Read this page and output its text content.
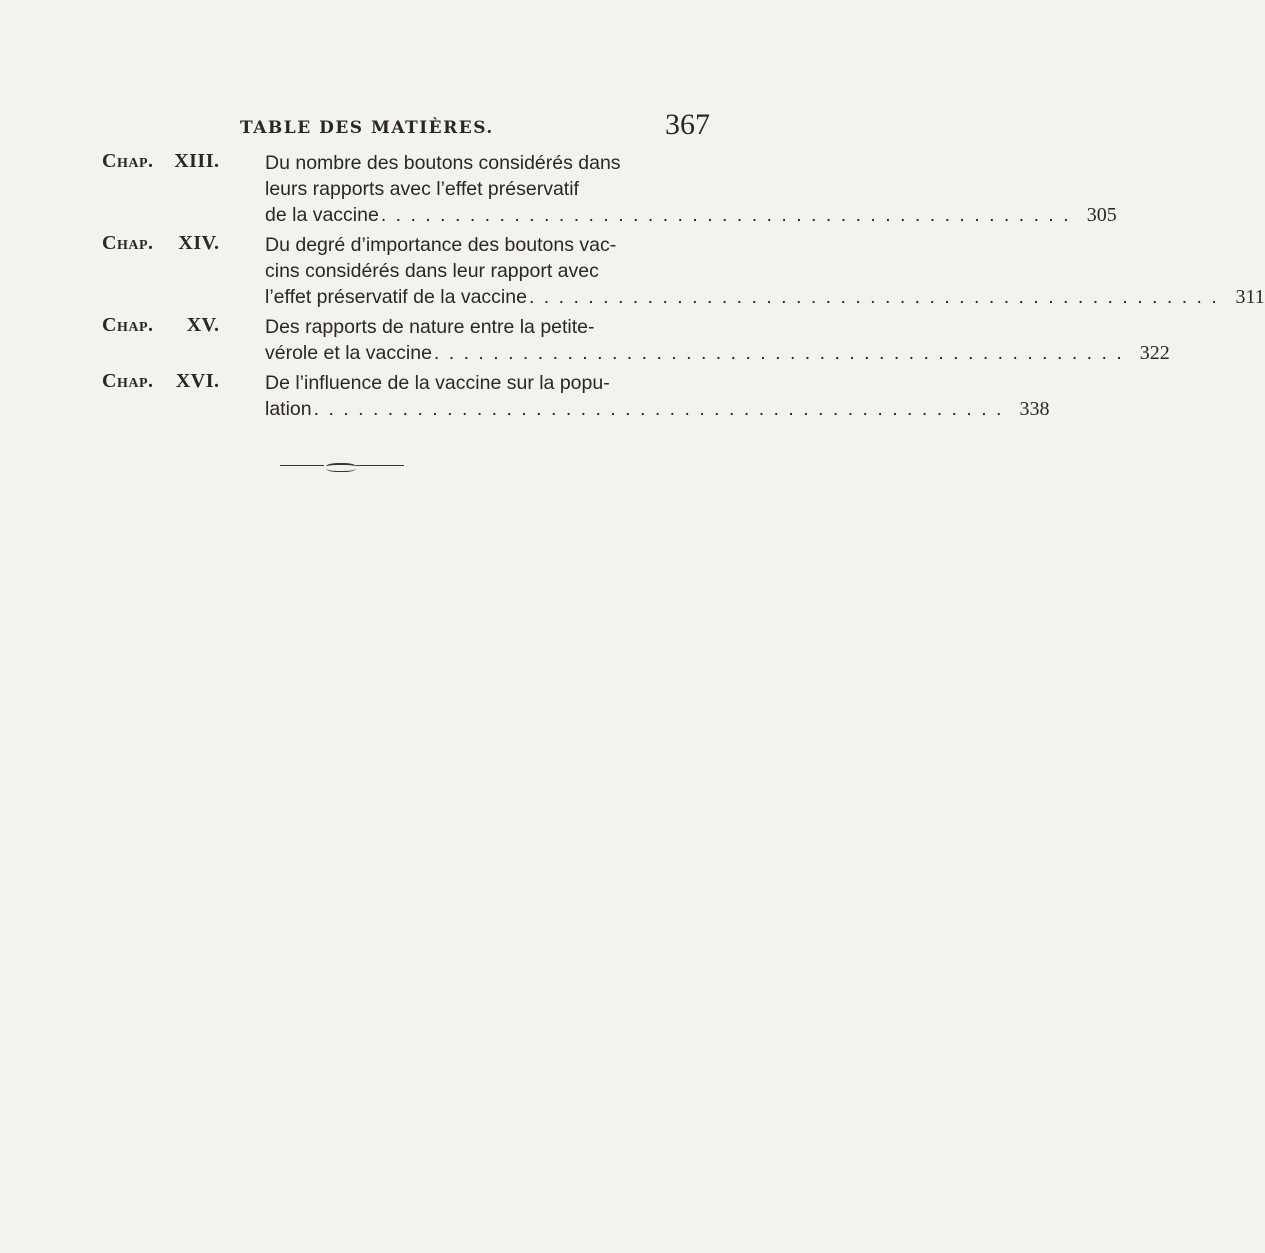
TABLE DES MATIÈRES.	367
Chap. XIII. Du nombre des boutons considérés dans
leurs rapports avec l’effet préservatif
de la vaccine . . . . . . . . . . . . . . . . . . . . . . . . . . . . . . . . . . . . . . . . . . . . . . . 305
Chap. XIV. Du degré d’importance des boutons vac-
cins considérés dans leur rapport avec
l’effet préservatif de la vaccine . . . . . . . . . . . . . . . . . . . . . . . . . . . . . . . . . . . . . . . . . . . . . . . 311
Chap. XV. Des rapports de nature entre la petite-
vérole et la vaccine . . . . . . . . . . . . . . . . . . . . . . . . . . . . . . . . . . . . . . . . . . . . . . . 322
Chap. XVI. De l’influence de la vaccine sur la popu-
lation . . . . . . . . . . . . . . . . . . . . . . . . . . . . . . . . . . . . . . . . . . . . . . . 338
